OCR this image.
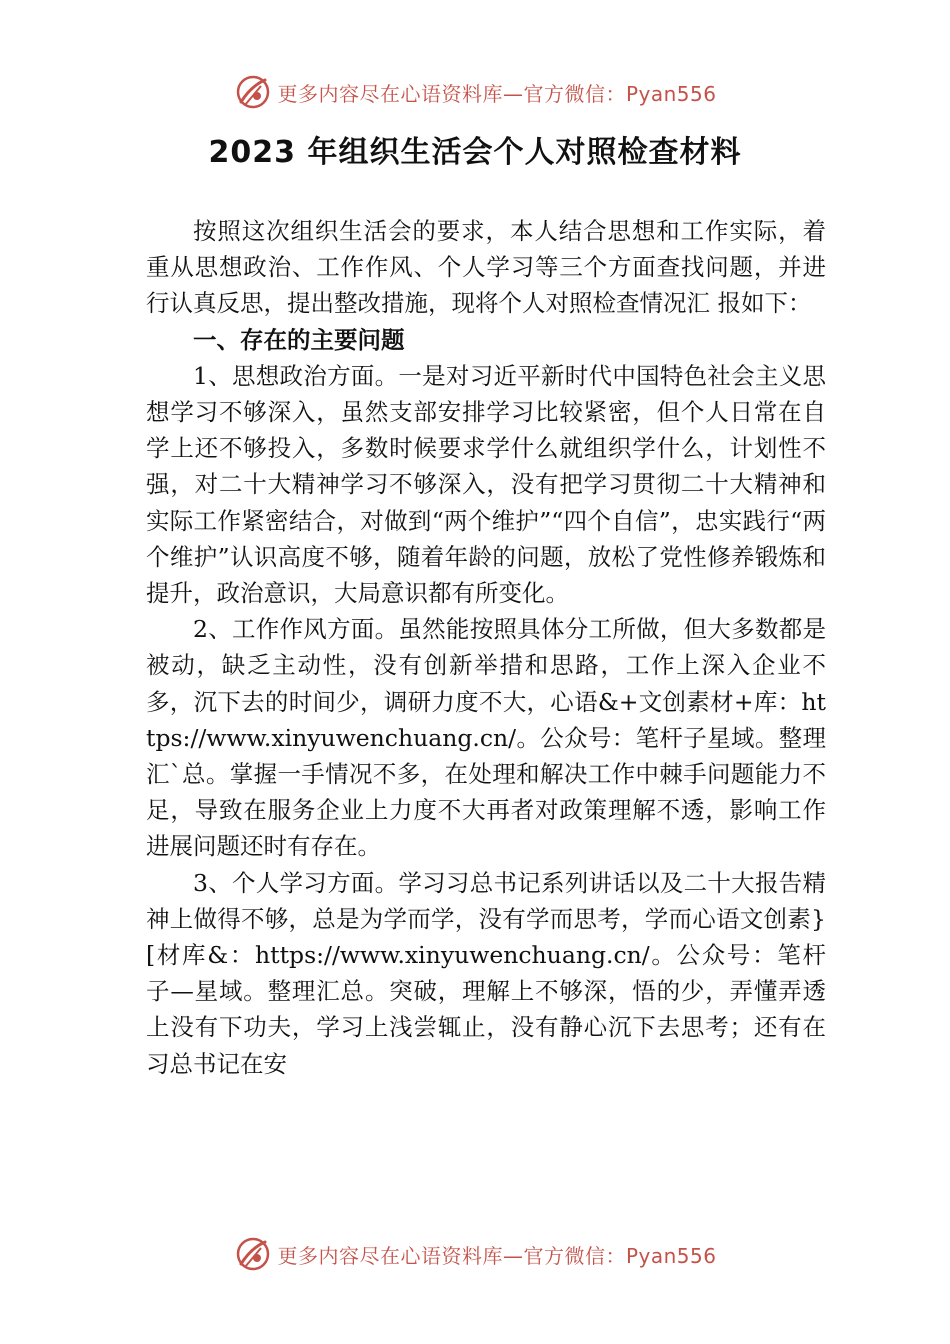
更多内容尽在心语资料库—官方微信：Pyan556
2023 年组织生活会个人对照检查材料

按照这次组织生活会的要求，本人结合思想和工作实际，着重从思想政治、工作作风、个人学习等三个方面查找问题，并进行认真反思，提出整改措施，现将个人对照检查情况汇 报如下：

一、存在的主要问题

1、思想政治方面。一是对习近平新时代中国特色社会主义思想学习不够深入，虽然支部安排学习比较紧密，但个人日常在自学上还不够投入，多数时候要求学什么就组织学什么，计划性不强，对二十大精神学习不够深入，没有把学习贯彻二十大精神和实际工作紧密结合，对做到“两个维护”“四个自信”，忠实践行“两个维护”认识高度不够，随着年龄的问题，放松了党性修养锻炼和提升，政治意识，大局意识都有所变化。

2、工作作风方面。虽然能按照具体分工所做，但大多数都是被动，缺乏主动性，没有创新举措和思路，工作上深入企业不多，沉下去的时间少，调研力度不大，心语&+文创素材+库：https://www.xinyuwenchuang.cn/。公众号：笔杆子星域。整理汇`总。掌握一手情况不多，在处理和解决工作中棘手问题能力不足，导致在服务企业上力度不大再者对政策理解不透，影响工作进展问题还时有存在。

3、个人学习方面。学习习总书记系列讲话以及二十大报告精神上做得不够，总是为学而学，没有学而思考，学而心语文创素}[材库&：https://www.xinyuwenchuang.cn/。公众号：笔杆子—星域。整理汇总。突破，理解上不够深，悟的少，弄懂弄透上没有下功夫，学习上浅尝辄止，没有静心沉下去思考；还有在习总书记在安

更多内容尽在心语资料库—官方微信：Pyan556
